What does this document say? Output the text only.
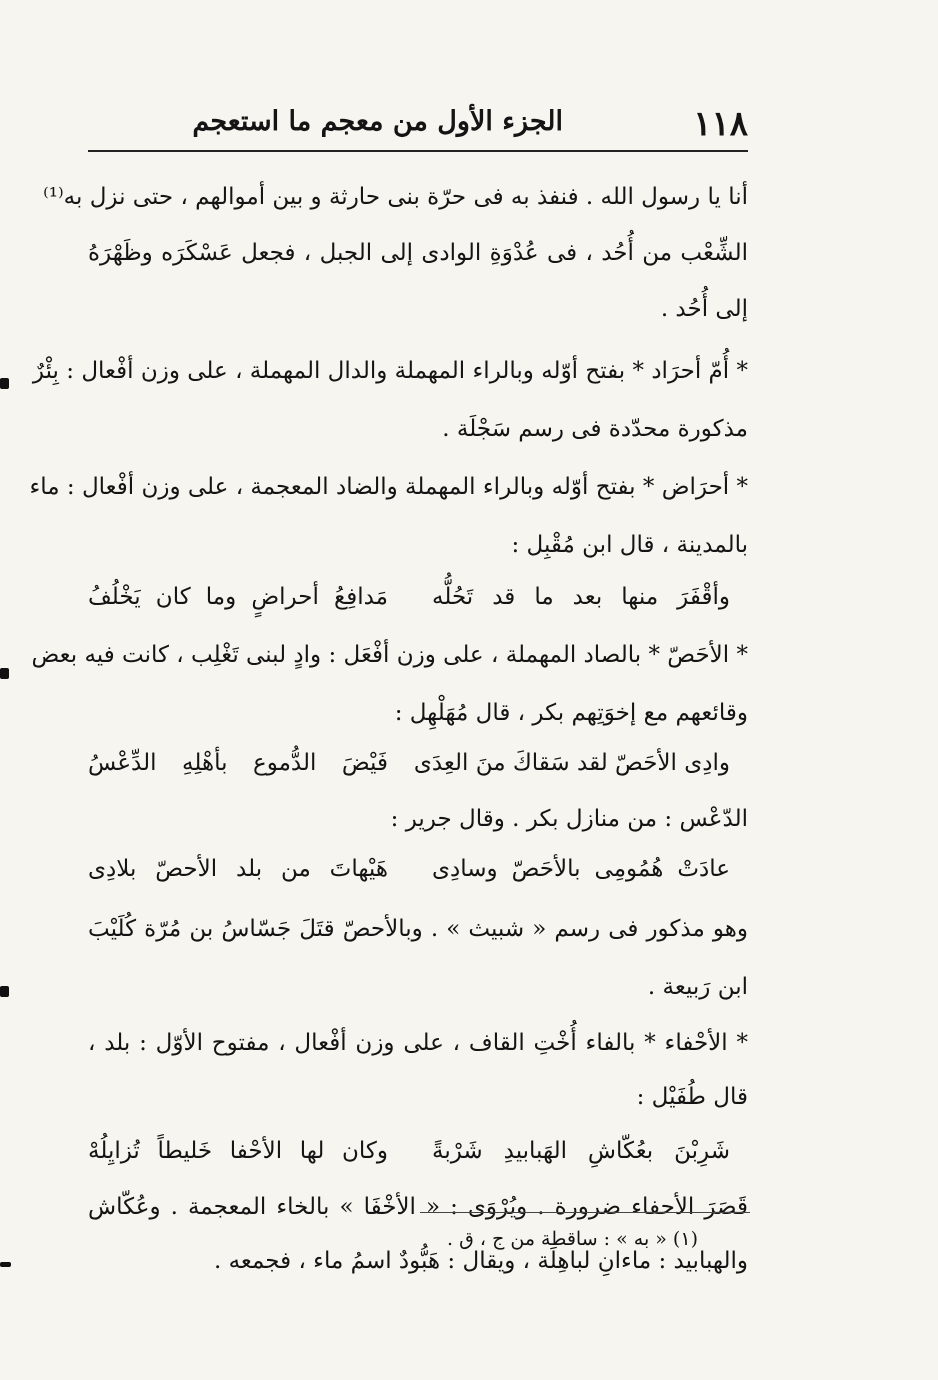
١١٨
الجزء الأول من معجم ما استعجم
أنا يا رسول الله . فنفذ به فى حرّة بنى حارثة و بين أموالهم ، حتى نزل به⁽¹⁾
الشِّعْب من أُحُد ، فى عُدْوَةِ الوادى إلى الجبل ، فجعل عَسْكَرَه وظَهْرَهُ
إلى أُحُد .
* أُمّ أحرَاد * بفتح أوّله وبالراء المهملة والدال المهملة ، على وزن أفْعال : بِئْرٌ
مذكورة محدّدة فى رسم سَجْلَة .
* أحرَاض * بفتح أوّله وبالراء المهملة والضاد المعجمة ، على وزن أفْعال : ماء
بالمدينة ، قال ابن مُقْبِل :
وأقْفَرَ منها بعد ما قد تَحُلُّه
مَدافِعُ أحراضٍ وما كان يَخْلُفُ
* الأحَصّ * بالصاد المهملة ، على وزن أفْعَل : وادٍ لبنى تَغْلِب ، كانت فيه بعض
وقائعهم مع إخوَتِهم بكر ، قال مُهَلْهِل :
وادِى الأحَصّ لقد سَقاكَ منَ العِدَى
فَيْضَ الدُّموع بأهْلِهِ الدِّعْسُ
الدّعْس : من منازل بكر . وقال جرير :
عادَتْ هُمُومِى بالأحَصّ وسادِى
هَيْهاتَ من بلد الأحصّ بلادِى
وهو مذكور فى رسم « شبيث » . وبالأحصّ قتَلَ جَسّاسُ بن مُرّة كُلَيْبَ
ابن رَبيعة .
* الأحْفاء * بالفاء أُخْتِ القاف ، على وزن أفْعال ، مفتوح الأوّل : بلد ،
قال طُفَيْل :
شَرِبْنَ بعُكّاشِ الهَبابيدِ شَرْبةً
وكان لها الأحْفا خَليطاً تُزايِلُهْ
قَصَرَ الأحفاء ضرورة . ويُرْوَى : « الأخْفَا » بالخاء المعجمة . وعُكّاش
والهبابيد : ماءانِ لباهِلَة ، ويقال : هَبُّودٌ اسمُ ماء ، فجمعه .
(١) « به » : ساقطة من ج ، ق .
